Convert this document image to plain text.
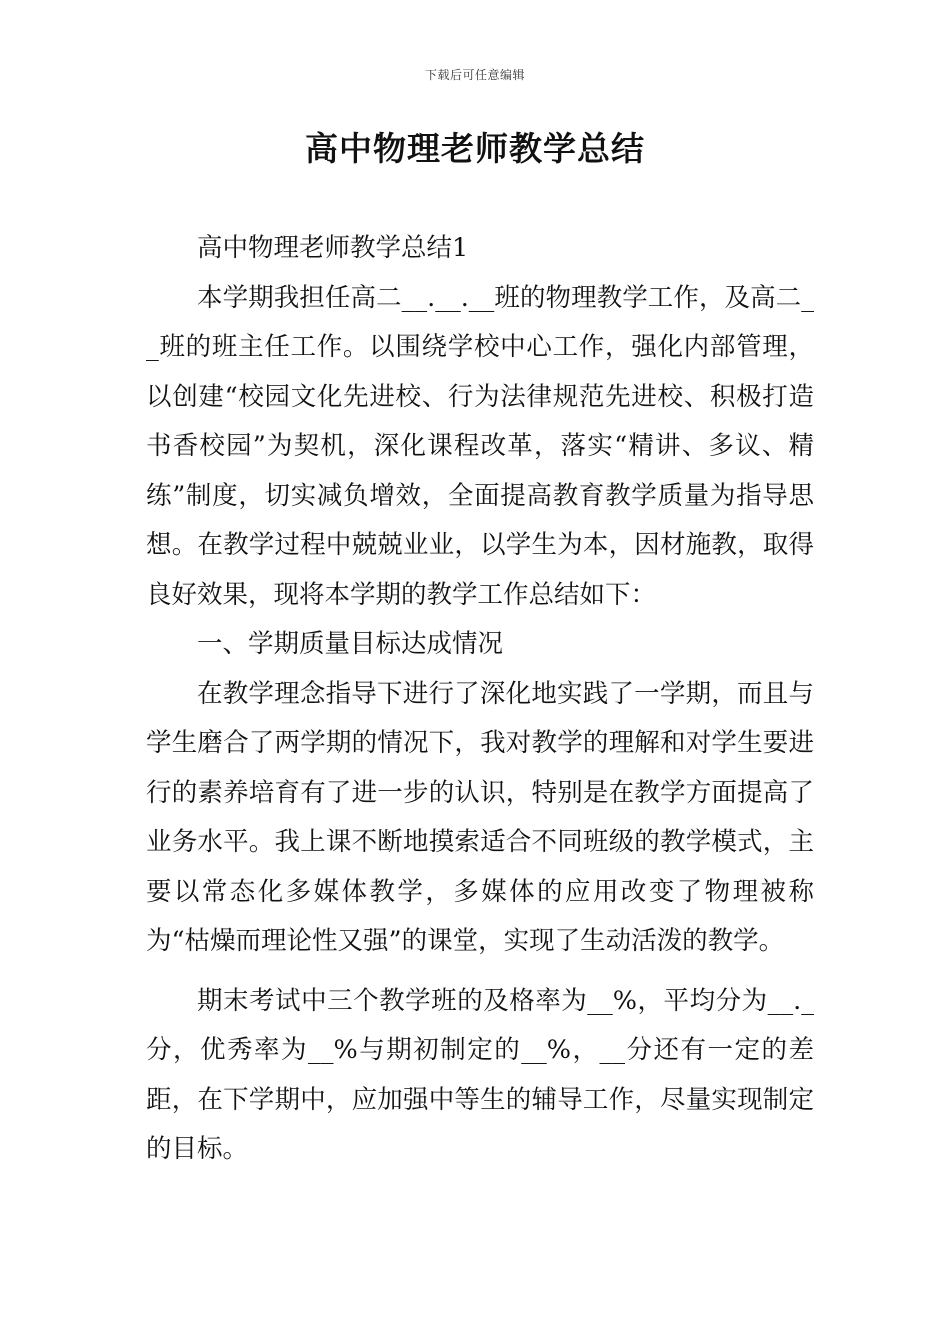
下载后可任意编辑
高中物理老师教学总结

高中物理老师教学总结1

本学期我担任高二__.__.__班的物理教学工作，及高二__班的班主任工作。以围绕学校中心工作，强化内部管理，以创建“校园文化先进校、行为法律规范先进校、积极打造书香校园”为契机，深化课程改革，落实“精讲、多议、精练”制度，切实减负增效，全面提高教育教学质量为指导思想。在教学过程中兢兢业业，以学生为本，因材施教，取得良好效果，现将本学期的教学工作总结如下：

一、学期质量目标达成情况

在教学理念指导下进行了深化地实践了一学期，而且与学生磨合了两学期的情况下，我对教学的理解和对学生要进行的素养培育有了进一步的认识，特别是在教学方面提高了业务水平。我上课不断地摸索适合不同班级的教学模式，主要以常态化多媒体教学，多媒体的应用改变了物理被称为“枯燥而理论性又强”的课堂，实现了生动活泼的教学。

期末考试中三个教学班的及格率为__%，平均分为__._分，优秀率为__%与期初制定的__%，__分还有一定的差距，在下学期中，应加强中等生的辅导工作，尽量实现制定的目标。
